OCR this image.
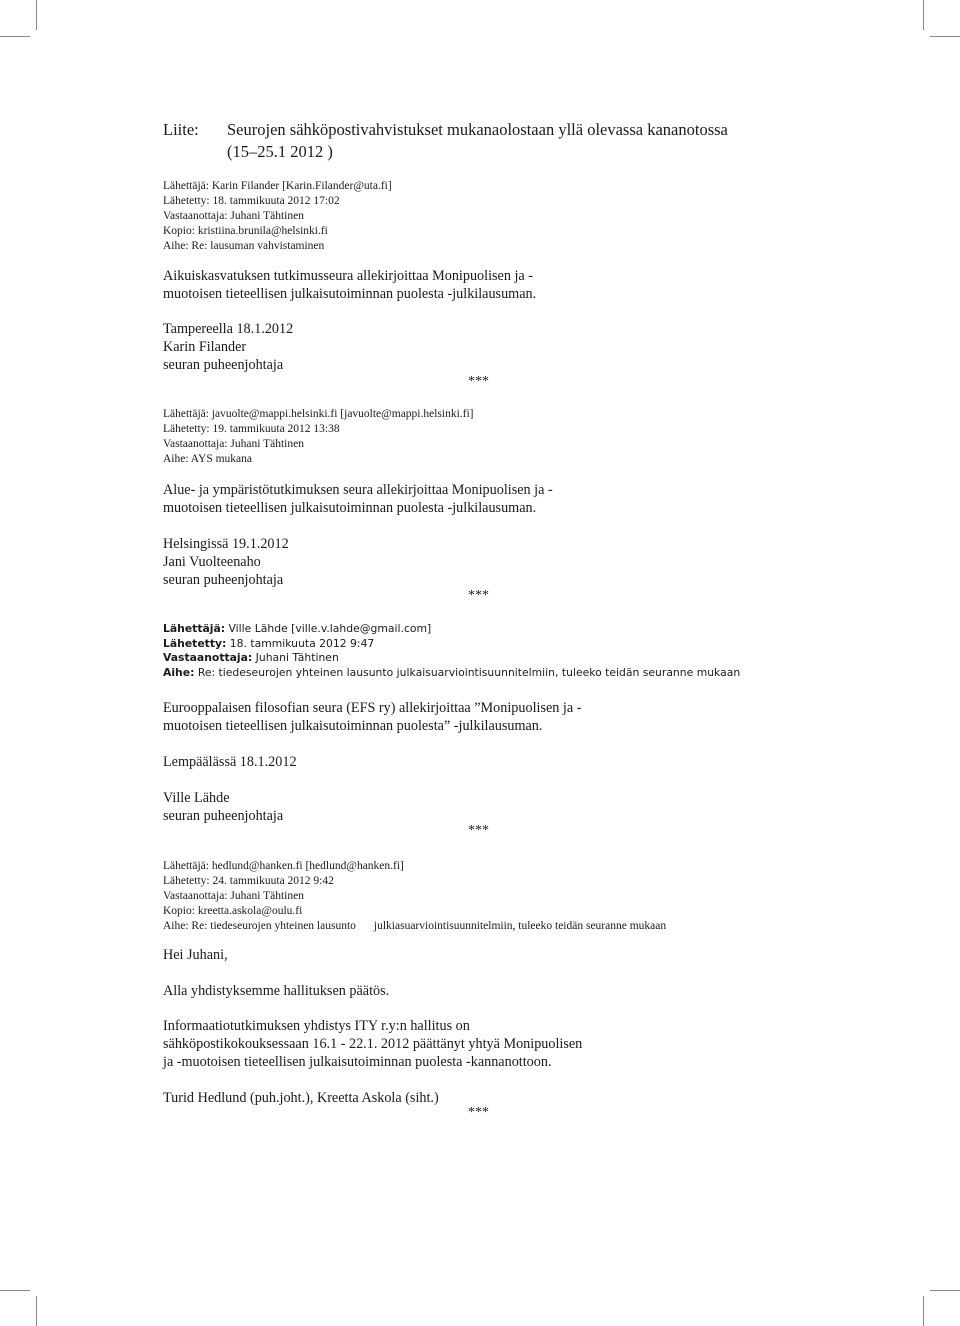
Liite:	Seurojen sähköpostivahvistukset mukanaolostaan yllä olevassa kananotossa
(15–25.1 2012 )
Lähettäjä: Karin Filander [Karin.Filander@uta.fi]
Lähetetty: 18. tammikuuta 2012 17:02
Vastaanottaja: Juhani Tähtinen
Kopio: kristiina.brunila@helsinki.fi
Aihe: Re: lausuman vahvistaminen
Aikuiskasvatuksen tutkimusseura allekirjoittaa Monipuolisen ja -
muotoisen tieteellisen julkaisutoiminnan puolesta -julkilausuman.
Tampereella 18.1.2012
Karin Filander
seuran puheenjohtaja
***
Lähettäjä: javuolte@mappi.helsinki.fi [javuolte@mappi.helsinki.fi]
Lähetetty: 19. tammikuuta 2012 13:38
Vastaanottaja: Juhani Tähtinen
Aihe: AYS mukana
Alue- ja ympäristötutkimuksen seura allekirjoittaa Monipuolisen ja -
muotoisen tieteellisen julkaisutoiminnan puolesta -julkilausuman.
Helsingissä 19.1.2012
Jani Vuolteenaho
seuran puheenjohtaja
***
Lähettäjä: Ville Lähde [ville.v.lahde@gmail.com]
Lähetetty: 18. tammikuuta 2012 9:47
Vastaanottaja: Juhani Tähtinen
Aihe: Re: tiedeseurojen yhteinen lausunto julkaisuarviointisuunnitelmiin, tuleeko teidän seuranne mukaan
Eurooppalaisen filosofian seura (EFS ry) allekirjoittaa ”Monipuolisen ja -
muotoisen tieteellisen julkaisutoiminnan puolesta” -julkilausuman.
Lempäälässä 18.1.2012
Ville Lähde
seuran puheenjohtaja
***
Lähettäjä: hedlund@hanken.fi [hedlund@hanken.fi]
Lähetetty: 24. tammikuuta 2012 9:42
Vastaanottaja: Juhani Tähtinen
Kopio: kreetta.askola@oulu.fi
Aihe: Re: tiedeseurojen yhteinen lausunto julkiasuarviointisuunnitelmiin, tuleeko teidän seuranne mukaan
Hei Juhani,
Alla yhdistyksemme hallituksen päätös.
Informaatiotutkimuksen yhdistys ITY r.y:n hallitus on
sähköpostikokouksessaan 16.1 - 22.1. 2012 päättänyt yhtyä Monipuolisen
ja -muotoisen tieteellisen julkaisutoiminnan puolesta -kannanottoon.
Turid Hedlund (puh.joht.), Kreetta Askola (siht.)
***
